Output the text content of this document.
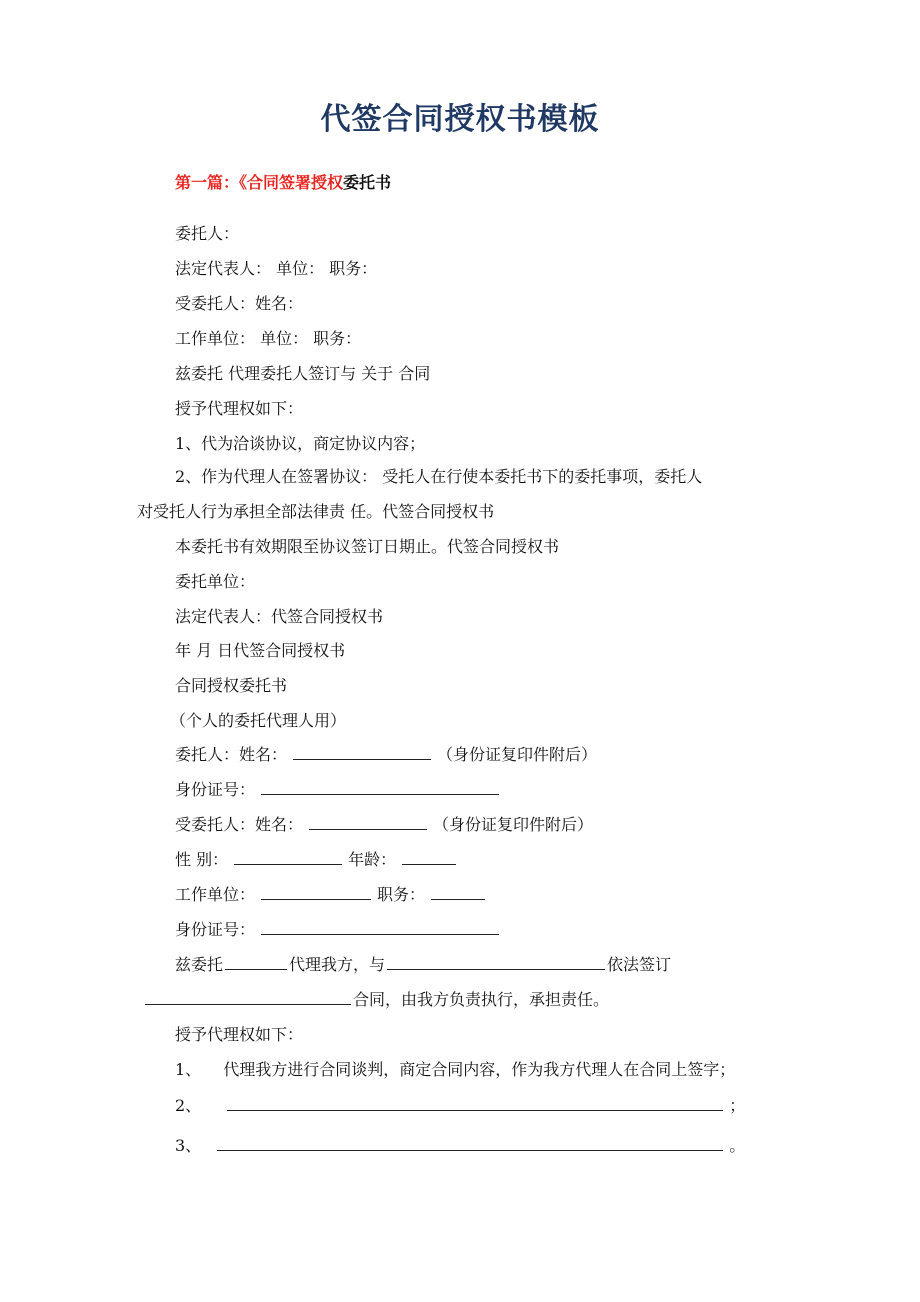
代签合同授权书模板
第一篇：《合同签署授权委托书
委托人：
法定代表人： 单位： 职务：
受委托人：姓名：
工作单位： 单位： 职务：
兹委托 代理委托人签订与 关于 合同
授予代理权如下：
1、代为洽谈协议，商定协议内容；
2、作为代理人在签署协议： 受托人在行使本委托书下的委托事项，委托人
对受托人行为承担全部法律责 任。代签合同授权书
本委托书有效期限至协议签订日期止。代签合同授权书
委托单位：
法定代表人：代签合同授权书
年 月 日代签合同授权书
合同授权委托书
（个人的委托代理人用）
委托人：姓名：	（身份证复印件附后）
身份证号：
受委托人：姓名：	（身份证复印件附后）
性 别：	年龄：
工作单位：	职务：
身份证号：
兹委托	代理我方，与	依法签订
合同，由我方负责执行，承担责任。
授予代理权如下：
1、 代理我方进行合同谈判，商定合同内容，作为我方代理人在合同上签字；
2、	；
3、	。
